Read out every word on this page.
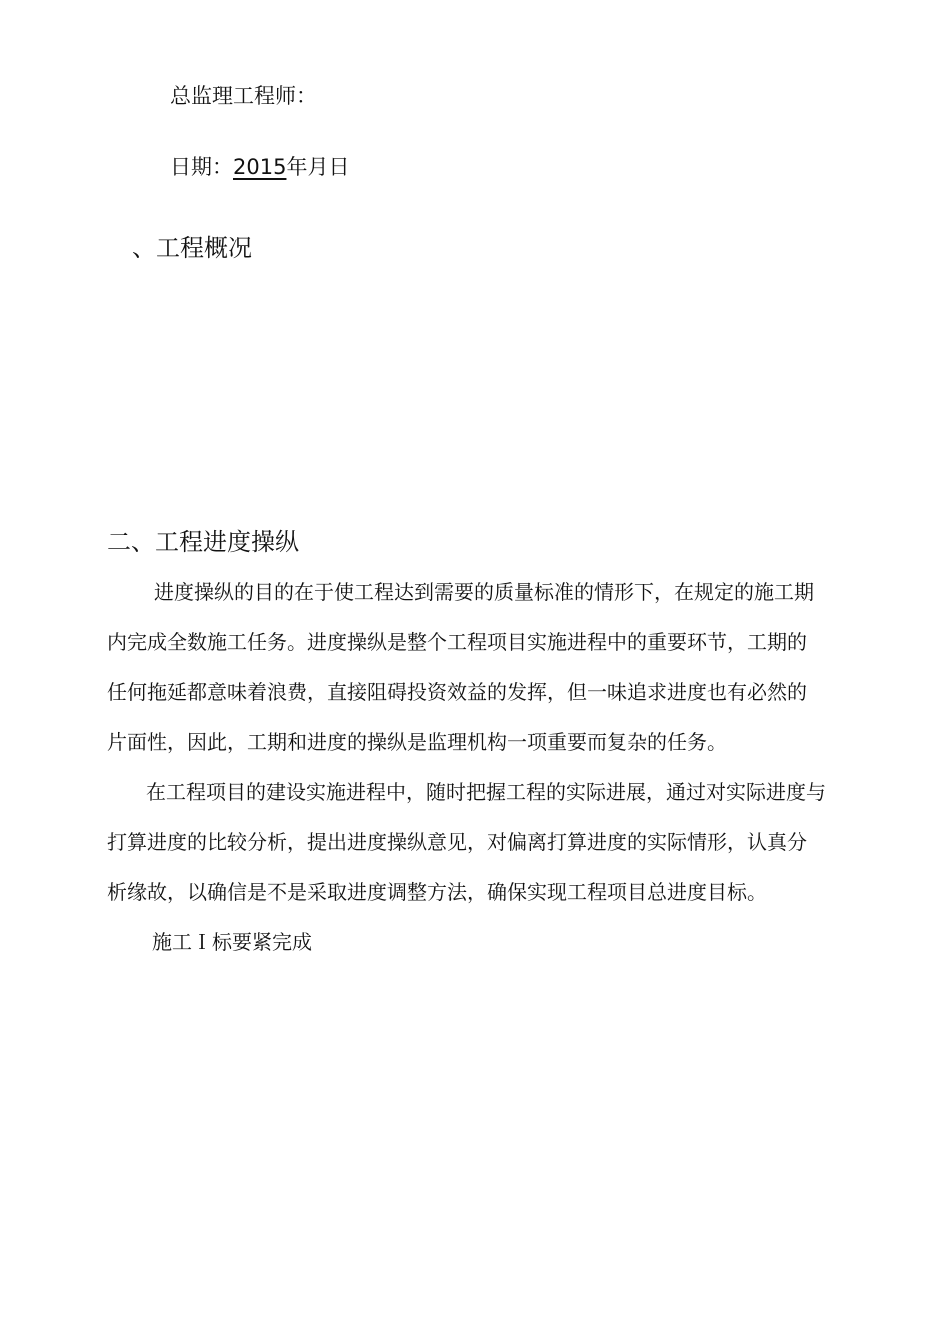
总监理工程师：
日期：2015年月日
、工程概况
二、工程进度操纵
进度操纵的目的在于使工程达到需要的质量标准的情形下，在规定的施工期
内完成全数施工任务。进度操纵是整个工程项目实施进程中的重要环节，工期的
任何拖延都意味着浪费，直接阻碍投资效益的发挥，但一味追求进度也有必然的
片面性，因此，工期和进度的操纵是监理机构一项重要而复杂的任务。
在工程项目的建设实施进程中，随时把握工程的实际进展，通过对实际进度与
打算进度的比较分析，提出进度操纵意见，对偏离打算进度的实际情形，认真分
析缘故，以确信是不是采取进度调整方法，确保实现工程项目总进度目标。
施工Ｉ标要紧完成
